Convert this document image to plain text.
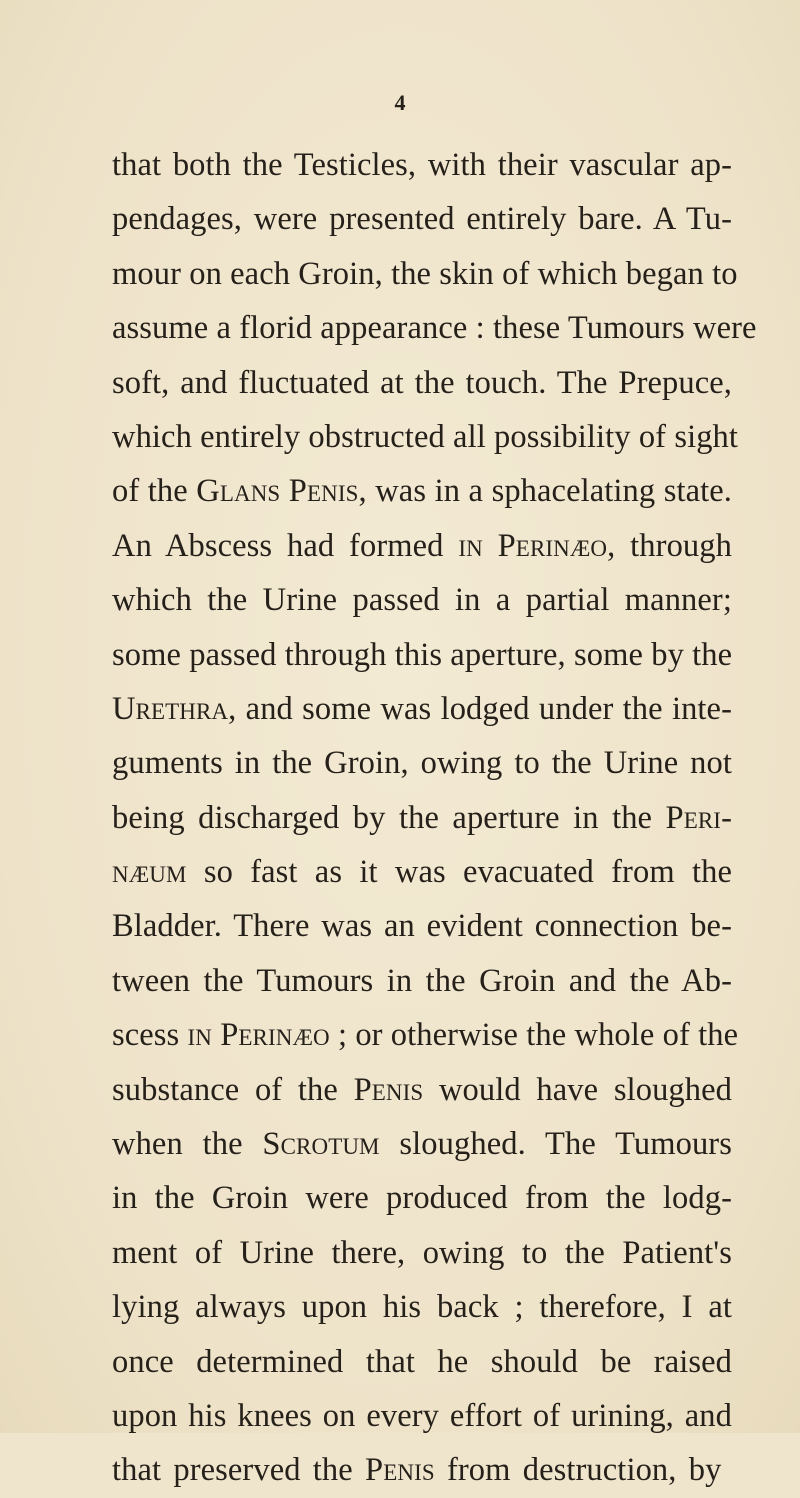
4
that both the Testicles, with their vascular ap-
pendages, were presented entirely bare. A Tu-
mour on each Groin, the skin of which began to
assume a florid appearance : these Tumours were
soft, and fluctuated at the touch. The Prepuce,
which entirely obstructed all possibility of sight
of the Glans Penis, was in a sphacelating state.
An Abscess had formed in Perinæo, through
which the Urine passed in a partial manner;
some passed through this aperture, some by the
Urethra, and some was lodged under the inte-
guments in the Groin, owing to the Urine not
being discharged by the aperture in the Peri-
næum so fast as it was evacuated from the
Bladder. There was an evident connection be-
tween the Tumours in the Groin and the Ab-
scess in Perinæo ; or otherwise the whole of the
substance of the Penis would have sloughed
when the Scrotum sloughed. The Tumours
in the Groin were produced from the lodg-
ment of Urine there, owing to the Patient's
lying always upon his back ; therefore, I at
once determined that he should be raised
upon his knees on every effort of urining, and
that preserved the Penis from destruction, by
